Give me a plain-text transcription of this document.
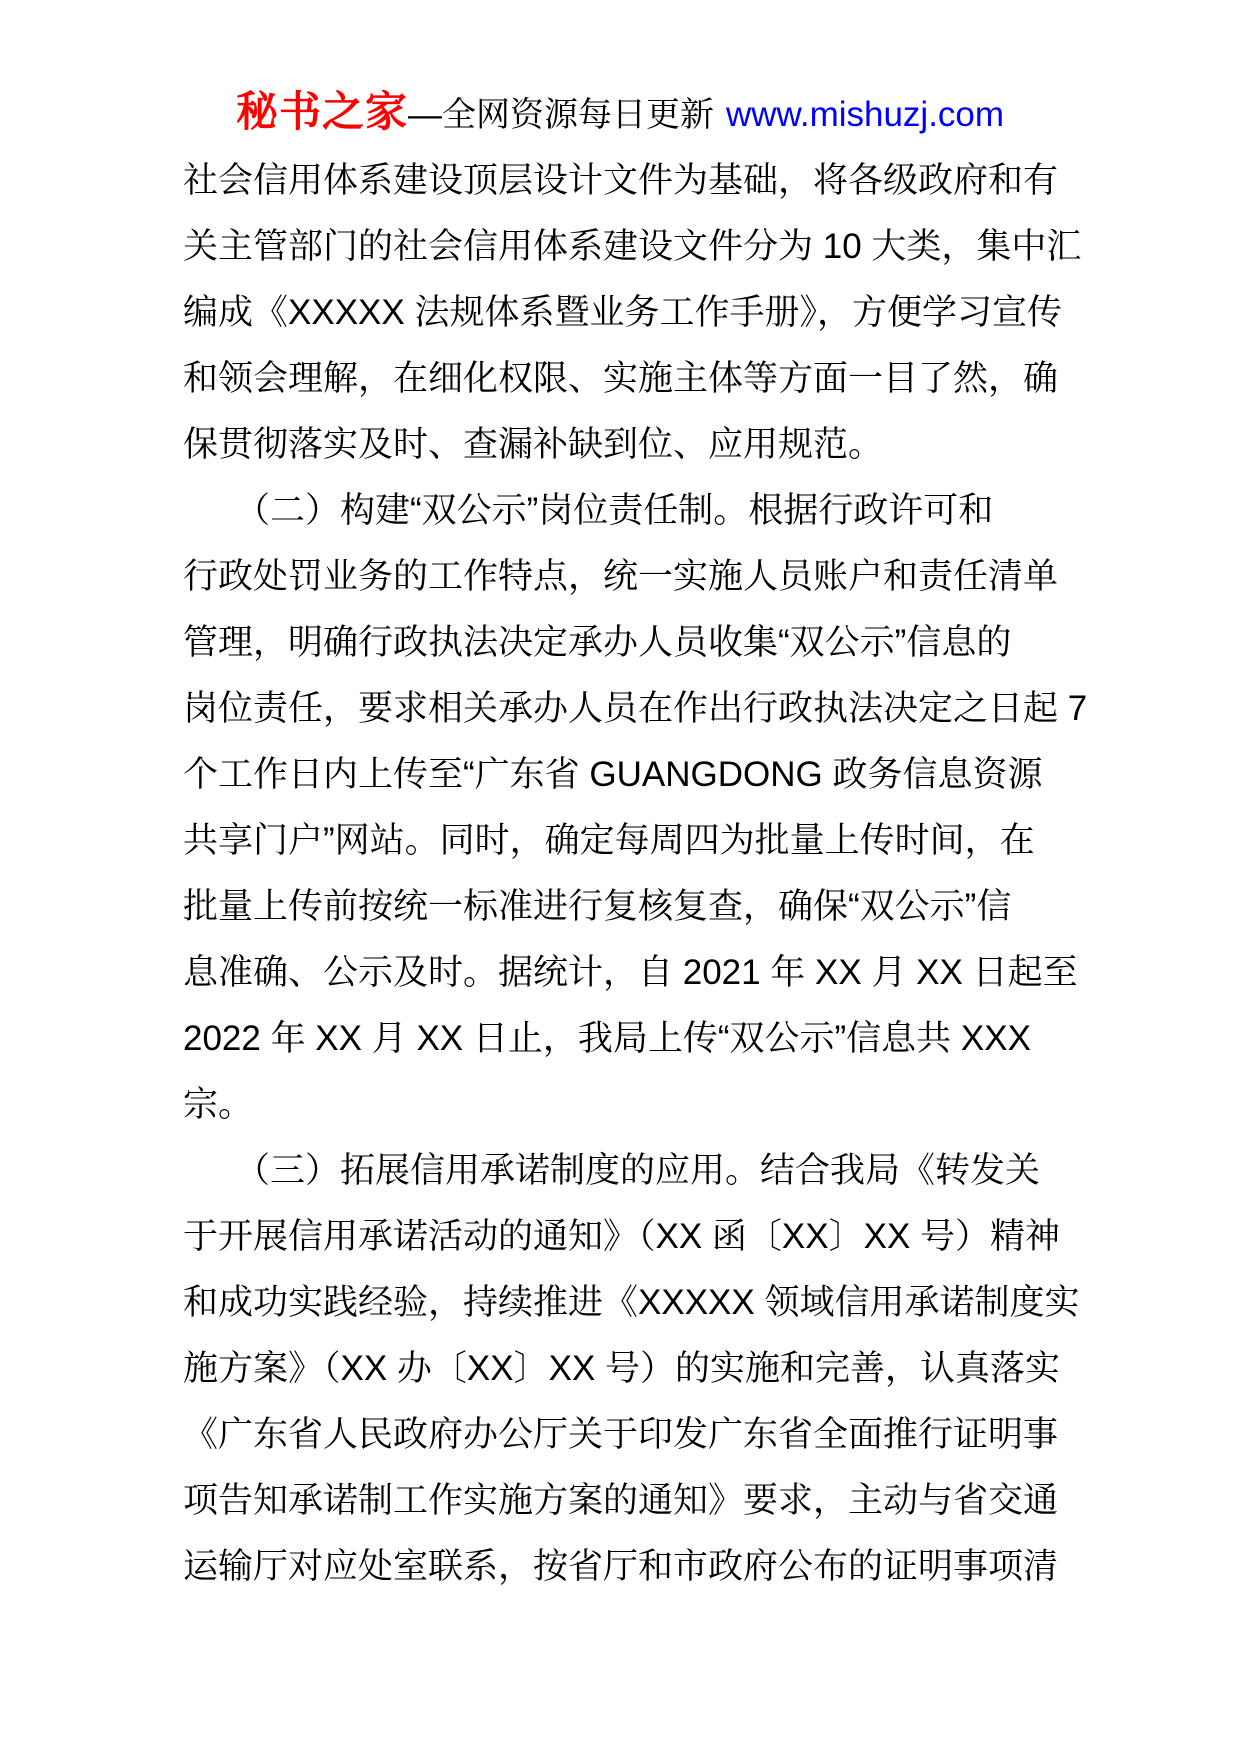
秘书之家—全网资源每日更新 www.mishuzj.com
社会信用体系建设顶层设计文件为基础，将各级政府和有
关主管部门的社会信用体系建设文件分为 10 大类，集中汇
编成《XXXXX 法规体系暨业务工作手册》，方便学习宣传
和领会理解，在细化权限、实施主体等方面一目了然，确
保贯彻落实及时、查漏补缺到位、应用规范。
（二）构建“双公示”岗位责任制。根据行政许可和
行政处罚业务的工作特点，统一实施人员账户和责任清单
管理，明确行政执法决定承办人员收集“双公示”信息的
岗位责任，要求相关承办人员在作出行政执法决定之日起 7
个工作日内上传至“广东省 GUANGDONG 政务信息资源
共享门户”网站。同时，确定每周四为批量上传时间，在
批量上传前按统一标准进行复核复查，确保“双公示”信
息准确、公示及时。据统计，自 2021 年 XX 月 XX 日起至
2022 年 XX 月 XX 日止，我局上传“双公示”信息共 XXX
宗。
（三）拓展信用承诺制度的应用。结合我局《转发关
于开展信用承诺活动的通知》（XX 函〔XX〕XX 号）精神
和成功实践经验，持续推进《XXXXX 领域信用承诺制度实
施方案》（XX 办〔XX〕XX 号）的实施和完善，认真落实
《广东省人民政府办公厅关于印发广东省全面推行证明事
项告知承诺制工作实施方案的通知》要求，主动与省交通
运输厅对应处室联系，按省厅和市政府公布的证明事项清
